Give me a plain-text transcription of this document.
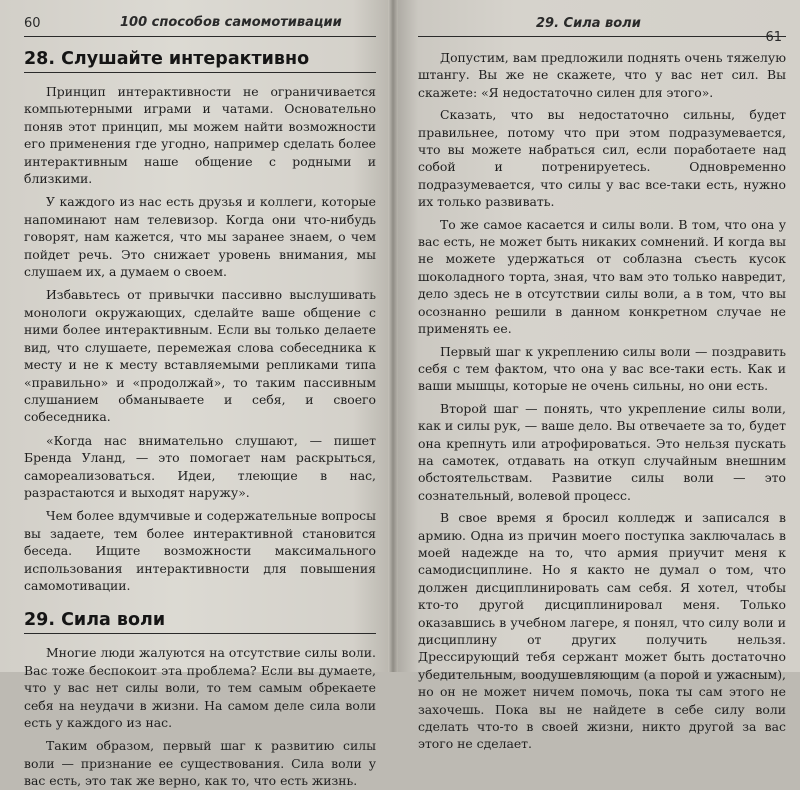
60	100 способов самомотивации
28. Слушайте интерактивно

Принцип интерактивности не ограничивается компьютерными играми и чатами. Основательно поняв этот принцип, мы можем найти возможности его применения где угодно, например сделать более интерактивным наше общение с родными и близкими.

У каждого из нас есть друзья и коллеги, которые напоминают нам телевизор. Когда они что-нибудь говорят, нам кажется, что мы заранее знаем, о чем пойдет речь. Это снижает уровень внимания, мы слушаем их, а думаем о своем.

Избавьтесь от привычки пассивно выслушивать монологи окружающих, сделайте ваше общение с ними более интерактивным. Если вы только делаете вид, что слушаете, перемежая слова собеседника к месту и не к месту вставляемыми репликами типа «правильно» и «продолжай», то таким пассивным слушанием обманываете и себя, и своего собеседника.

«Когда нас внимательно слушают, — пишет Бренда Уланд, — это помогает нам раскрыться, самореализоваться. Идеи, тлеющие в нас, разрастаются и выходят наружу».

Чем более вдумчивые и содержательные вопросы вы задаете, тем более интерактивной становится беседа. Ищите возможности максимального использования интерактивности для повышения самомотивации.

29. Сила воли

Многие люди жалуются на отсутствие силы воли. Вас тоже беспокоит эта проблема? Если вы думаете, что у вас нет силы воли, то тем самым обрекаете себя на неудачи в жизни. На самом деле сила воли есть у каждого из нас.

Таким образом, первый шаг к развитию силы воли — признание ее существования. Сила воли у вас есть, это так же верно, как то, что есть жизнь.

29. Сила воли
61

Допустим, вам предложили поднять очень тяжелую штангу. Вы же не скажете, что у вас нет сил. Вы скажете: «Я недостаточно силен для этого».

Сказать, что вы недостаточно сильны, будет правильнее, потому что при этом подразумевается, что вы можете набраться сил, если поработаете над собой и потренируетесь. Одновременно подразумевается, что силы у вас все-таки есть, нужно их только развивать.

То же самое касается и силы воли. В том, что она у вас есть, не может быть никаких сомнений. И когда вы не можете удержаться от соблазна съесть кусок шоколадного торта, зная, что вам это только навредит, дело здесь не в отсутствии силы воли, а в том, что вы осознанно решили в данном конкретном случае не применять ее.

Первый шаг к укреплению силы воли — поздравить себя с тем фактом, что она у вас все-таки есть. Как и ваши мышцы, которые не очень сильны, но они есть.

Второй шаг — понять, что укрепление силы воли, как и силы рук, — ваше дело. Вы отвечаете за то, будет она крепнуть или атрофироваться. Это нельзя пускать на самотек, отдавать на откуп случайным внешним обстоятельствам. Развитие силы воли — это сознательный, волевой процесс.

В свое время я бросил колледж и записался в армию. Одна из причин моего поступка заключалась в моей надежде на то, что армия приучит меня к самодисциплине. Но я както не думал о том, что должен дисциплинировать сам себя. Я хотел, чтобы кто-то другой дисциплинировал меня. Только оказавшись в учебном лагере, я понял, что силу воли и дисциплину от других получить нельзя. Дрессирующий тебя сержант может быть достаточно убедительным, воодушевляющим (а порой и ужасным), но он не может ничем помочь, пока ты сам этого не захочешь. Пока вы не найдете в себе силу воли сделать что-то в своей жизни, никто другой за вас этого не сделает.
